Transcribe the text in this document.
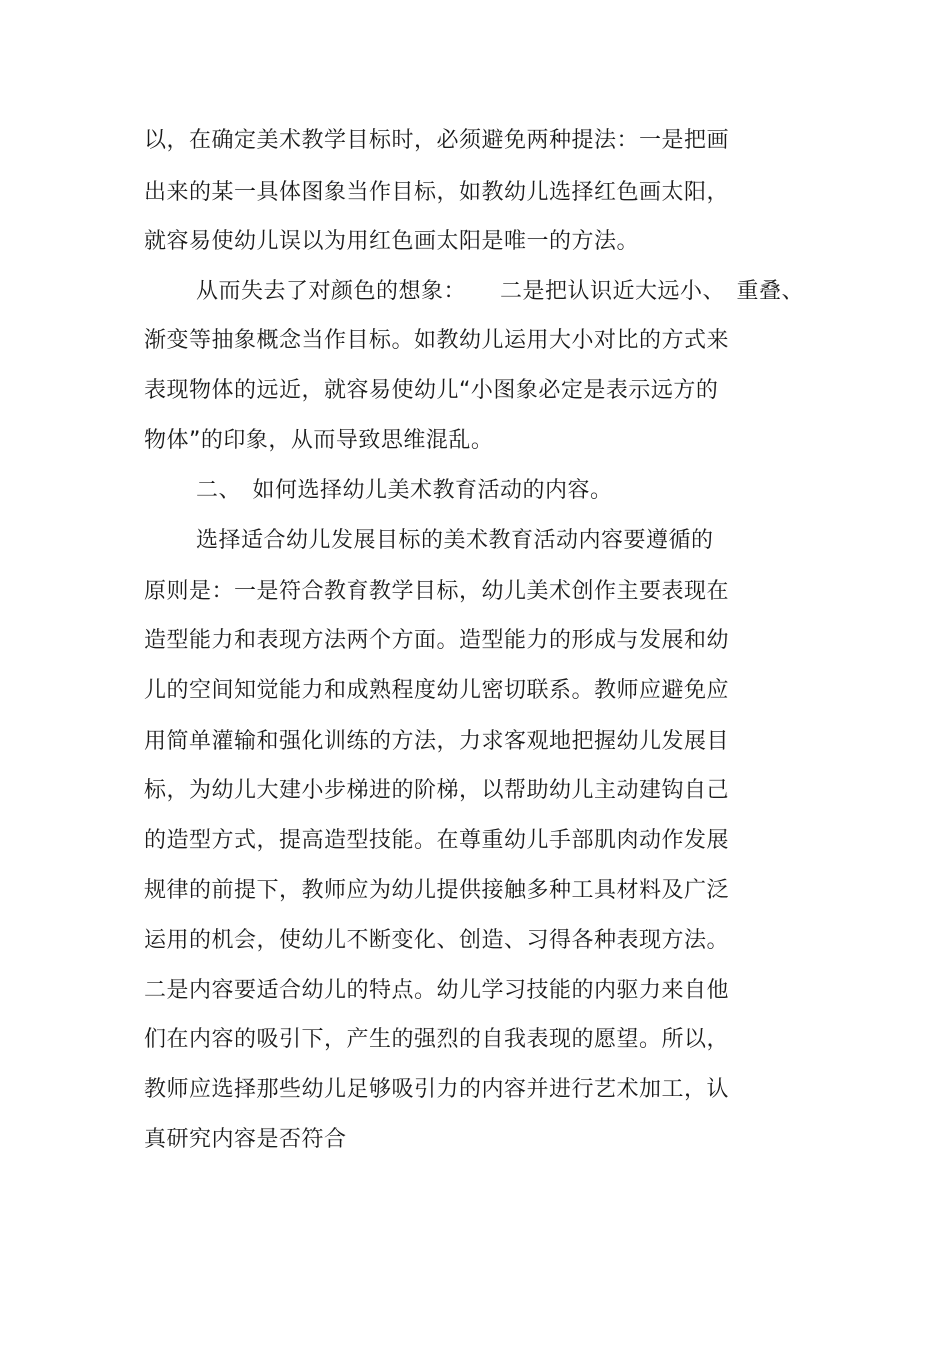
以，在确定美术教学目标时，必须避免两种提法：一是把画
出来的某一具体图象当作目标，如教幼儿选择红色画太阳，
就容易使幼儿误以为用红色画太阳是唯一的方法。
从而失去了对颜色的想象：　　二是把认识近大远小、　重叠、
渐变等抽象概念当作目标。如教幼儿运用大小对比的方式来
表现物体的远近，就容易使幼儿“小图象必定是表示远方的
物体”的印象，从而导致思维混乱。
二、　如何选择幼儿美术教育活动的内容。
选择适合幼儿发展目标的美术教育活动内容要遵循的
原则是：一是符合教育教学目标，幼儿美术创作主要表现在
造型能力和表现方法两个方面。造型能力的形成与发展和幼
儿的空间知觉能力和成熟程度幼儿密切联系。教师应避免应
用简单灌输和强化训练的方法，力求客观地把握幼儿发展目
标，为幼儿大建小步梯进的阶梯，以帮助幼儿主动建钩自己
的造型方式，提高造型技能。在尊重幼儿手部肌肉动作发展
规律的前提下，教师应为幼儿提供接触多种工具材料及广泛
运用的机会，使幼儿不断变化、创造、习得各种表现方法。
二是内容要适合幼儿的特点。幼儿学习技能的内驱力来自他
们在内容的吸引下，产生的强烈的自我表现的愿望。所以，
教师应选择那些幼儿足够吸引力的内容并进行艺术加工，认
真研究内容是否符合
